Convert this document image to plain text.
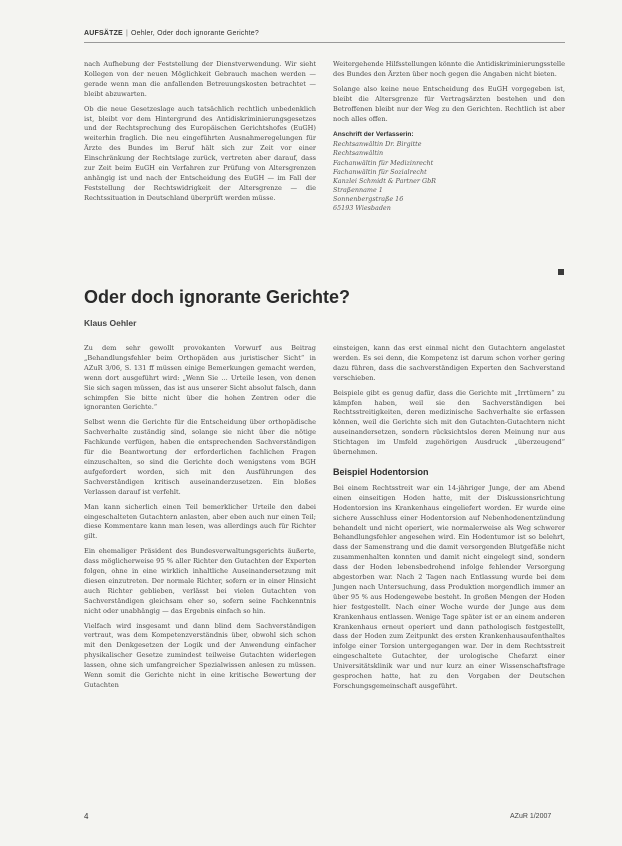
AUFSÄTZE | Oehler, Oder doch ignorante Gerichte?

nach Aufhebung der Feststellung der Dienstverwendung. Wir sieht Kollegen von der neuen Möglichkeit Gebrauch machen werden — gerade wenn man die anfallenden Betreuungskosten betrachtet — bleibt abzuwarten.

Ob die neue Gesetzeslage auch tatsächlich rechtlich unbedenklich ist, bleibt vor dem Hintergrund des Antidiskriminierungsgesetzes und der Rechtsprechung des Europäischen Gerichtshofes (EuGH) weiterhin fraglich. Die neu eingeführten Ausnahmeregelungen für Ärzte des Bundes im Beruf hält sich zur Zeit vor einer Einschränkung der Rechtslage zurück, vertreten aber darauf, dass zur Zeit beim EuGH ein Verfahren zur Prüfung von Altersgrenzen anhängig ist und nach der Entscheidung des EuGH — im Fall der Feststellung der Rechtswidrigkeit der Altersgrenze — die Rechtssituation in Deutschland überprüft werden müsse.

Weitergehende Hilfsstellungen könnte die Antidiskriminierungsstelle des Bundes den Ärzten über noch gegen die Angaben nicht bieten.

Solange also keine neue Entscheidung des EuGH vorgegeben ist, bleibt die Altersgrenze für Vertragsärzten bestehen und den Betroffenen bleibt nur der Weg zu den Gerichten. Rechtlich ist aber noch alles offen.

Anschrift der Verfasserin:
Rechtsanwältin Dr. Birgitte
Rechtsanwältin
Fachanwältin für Medizinrecht
Fachanwältin für Sozialrecht
Kanzlei Schmidt & Partner GbR
Straßenname 1
Sonnenbergstraße 16
65193 Wiesbaden
Oder doch ignorante Gerichte?
Klaus Oehler

Zu dem sehr gewollt provokanten Vorwurf aus Beitrag „Behandlungsfehler beim Orthopäden aus juristischer Sicht“ in AZuR 3/06, S. 131 ff müssen einige Bemerkungen gemacht werden, wenn dort ausgeführt wird: „Wenn Sie ... Urteile lesen, von denen Sie sich sagen müssen, das ist aus unserer Sicht absolut falsch, dann schimpfen Sie bitte nicht über die hohen Zentren oder die ignoranten Gerichte.“

Selbst wenn die Gerichte für die Entscheidung über orthopädische Sachverhalte zuständig sind, solange sie nicht über die nötige Fachkunde verfügen, haben die entsprechenden Sachverständigen für die Beantwortung der erforderlichen fachlichen Fragen einzuschalten, so sind die Gerichte doch wenigstens vom BGH aufgefordert worden, sich mit den Ausführungen des Sachverständigen kritisch auseinanderzusetzen. Ein bloßes Verlassen darauf ist verfehlt.

Man kann sicherlich einen Teil bemerklicher Urteile den dabei eingeschalteten Gutachtern anlasten, aber eben auch nur einen Teil; diese Kommentare kann man lesen, was allerdings auch für Richter gilt.

Ein ehemaliger Präsident des Bundesverwaltungsgerichts äußerte, dass möglicherweise 95 % aller Richter den Gutachten der Experten folgen, ohne in eine wirklich inhaltliche Auseinandersetzung mit diesen einzutreten. Der normale Richter, sofern er in einer Hinsicht auch Richter geblieben, verlässt bei vielen Gutachten von Sachverständigen gleichsam eher so, sofern seine Fachkenntnis nicht oder unabhängig — das Ergebnis einfach so hin.

Vielfach wird insgesamt und dann blind dem Sachverständigen vertraut, was dem Kompetenzverständnis über, obwohl sich schon mit den Denkgesetzen der Logik und der Anwendung einfacher physikalischer Gesetze zumindest teilweise Gutachten widerlegen lassen, ohne sich umfangreicher Spezialwissen anlesen zu müssen. Wenn somit die Gerichte nicht in eine kritische Bewertung der Gutachten

einsteigen, kann das erst einmal nicht den Gutachtern angelastet werden. Es sei denn, die Kompetenz ist darum schon vorher gering dazu führen, dass die sachverständigen Experten den Sachverstand verschieben.

Beispiele gibt es genug dafür, dass die Gerichte mit „Irrtümern“ zu kämpfen haben, weil sie den Sachverständigen bei Rechtsstreitigkeiten, deren medizinische Sachverhalte sie erfassen können, weil die Gerichte sich mit den Gutachten-Gutachtern nicht auseinandersetzen, sondern rücksichtslos deren Meinung nur aus Stichtagen im Umfeld zugehörigen Ausdruck „überzeugend“ übernehmen.

Beispiel Hodentorsion

Bei einem Rechtsstreit war ein 14-jähriger Junge, der am Abend einen einseitigen Hoden hatte, mit der Diskussionsrichtung Hodentorsion ins Krankenhaus eingeliefert worden. Er wurde eine sichere Ausschluss einer Hodentorsion auf Nebenhodenentzündung behandelt und nicht operiert, wie normalerweise als Weg schwerer Behandlungsfehler angesehen wird. Ein Hodentumor ist so belehrt, dass der Samenstrang und die damit versorgenden Blutgefäße nicht zusammenhalten konnten und damit nicht eingelegt sind, sondern dass der Hoden lebensbedrohend infolge fehlender Versorgung abgestorben war. Nach 2 Tagen nach Entlassung wurde bei dem Jungen nach Untersuchung, dass Produktion morgendlich immer an über 95 % aus Hodengewebe besteht. In großen Mengen der Hoden hier festgestellt. Nach einer Woche wurde der Junge aus dem Krankenhaus entlassen. Wenige Tage später ist er an einem anderen Krankenhaus erneut operiert und dann pathologisch festgestellt, dass der Hoden zum Zeitpunkt des ersten Krankenhausaufenthaltes infolge einer Torsion untergegangen war. Der in dem Rechtsstreit eingeschaltete Gutachter, der urologische Chefarzt einer Universitätsklinik war und nur kurz an einer Wissenschaftsfrage gesprochen hatte, hat zu den Vorgaben der Deutschen Forschungsgemeinschaft ausgeführt.

4	AZuR 1/2007
